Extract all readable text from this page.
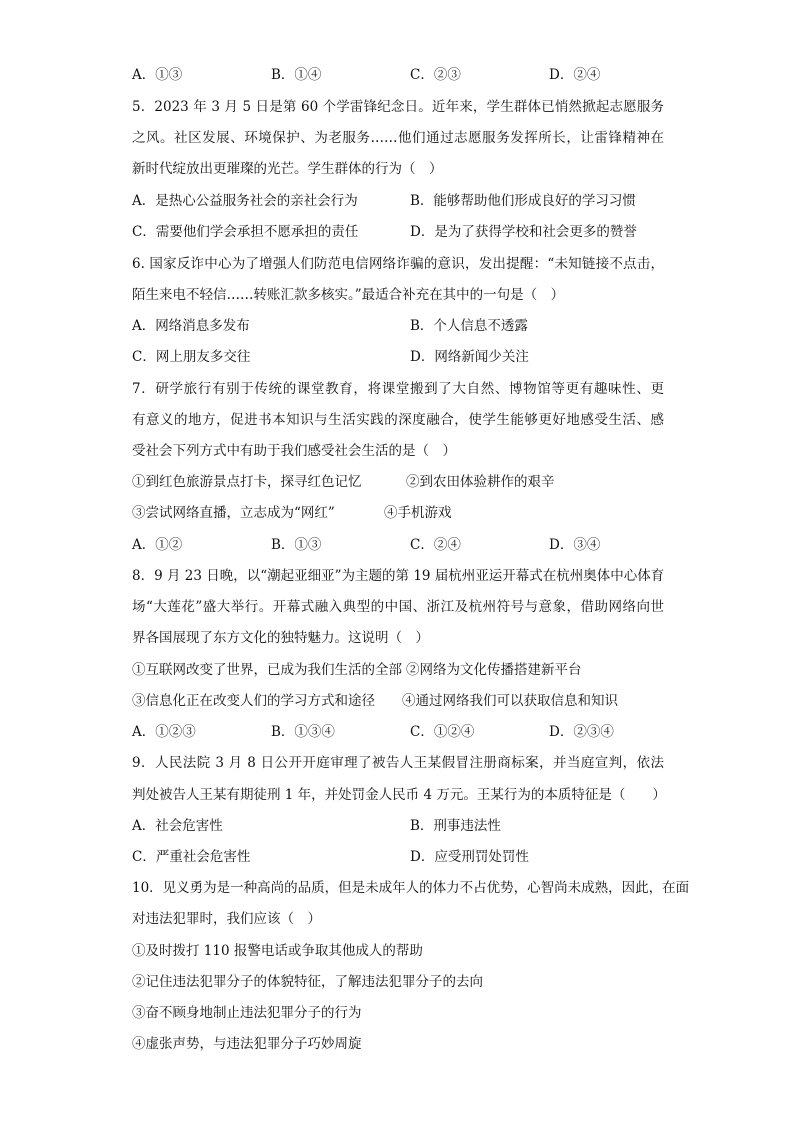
A．①③	B．①④	C．②③	D．②④
5．2023 年 3 月 5 日是第 60 个学雷锋纪念日。近年来，学生群体已悄然掀起志愿服务
之风。社区发展、环境保护、为老服务……他们通过志愿服务发挥所长，让雷锋精神在
新时代绽放出更璀璨的光芒。学生群体的行为（　）
A．是热心公益服务社会的亲社会行为	B．能够帮助他们形成良好的学习习惯
C．需要他们学会承担不愿承担的责任	D．是为了获得学校和社会更多的赞誉
6. 国家反诈中心为了增强人们防范电信网络诈骗的意识，发出提醒：“未知链接不点击，
陌生来电不轻信……转账汇款多核实。”最适合补充在其中的一句是（　）
A．网络消息多发布	B．个人信息不透露
C．网上朋友多交往	D．网络新闻少关注
7．研学旅行有别于传统的课堂教育，将课堂搬到了大自然、博物馆等更有趣味性、更
有意义的地方，促进书本知识与生活实践的深度融合，使学生能够更好地感受生活、感
受社会下列方式中有助于我们感受社会生活的是（　）
①到红色旅游景点打卡，探寻红色记忆	②到农田体验耕作的艰辛
③尝试网络直播，立志成为“网红”	④手机游戏
A．①②	B．①③	C．②④	D．③④
8．9 月 23 日晚，以“潮起亚细亚”为主题的第 19 届杭州亚运开幕式在杭州奥体中心体育
场“大莲花”盛大举行。开幕式融入典型的中国、浙江及杭州符号与意象，借助网络向世
界各国展现了东方文化的独特魅力。这说明（　）
①互联网改变了世界，已成为我们生活的全部 ②网络为文化传播搭建新平台
③信息化正在改变人们的学习方式和途径 ④通过网络我们可以获取信息和知识
A．①②③	B．①③④	C．①②④	D．②③④
9．人民法院 3 月 8 日公开开庭审理了被告人王某假冒注册商标案，并当庭宣判，依法
判处被告人王某有期徒刑 1 年，并处罚金人民币 4 万元。王某行为的本质特征是（　　）
A．社会危害性	B．刑事违法性
C．严重社会危害性	D．应受刑罚处罚性
10．见义勇为是一种高尚的品质，但是未成年人的体力不占优势，心智尚未成熟，因此，在面
对违法犯罪时，我们应该（　）
①及时拨打 110 报警电话或争取其他成人的帮助
②记住违法犯罪分子的体貌特征，了解违法犯罪分子的去向
③奋不顾身地制止违法犯罪分子的行为
④虚张声势，与违法犯罪分子巧妙周旋
